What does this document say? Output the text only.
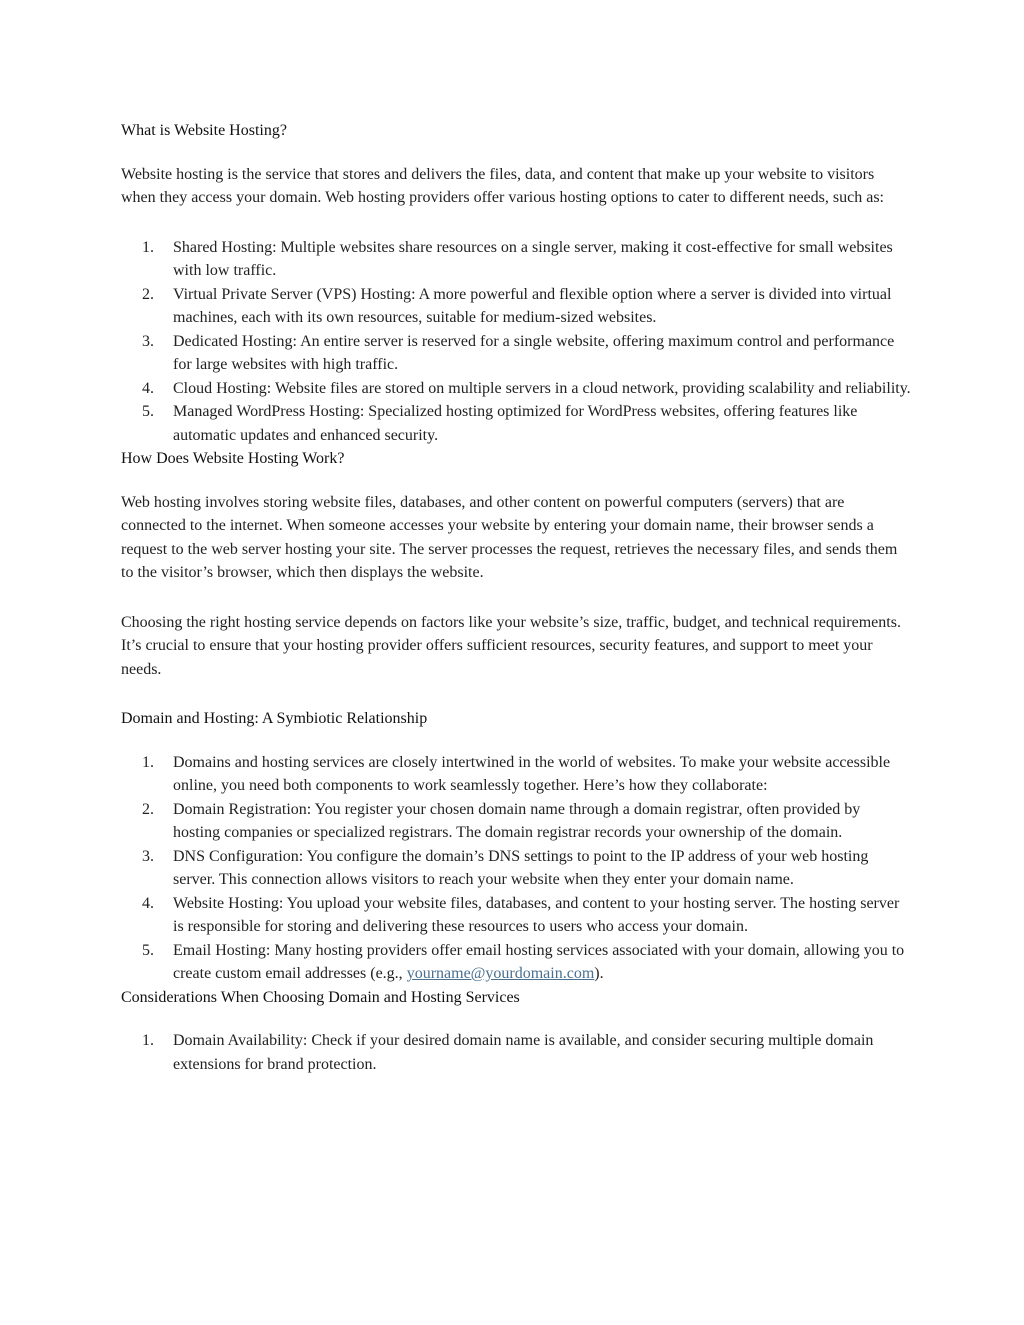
What is Website Hosting?

Website hosting is the service that stores and delivers the files, data, and content that make up your website to visitors when they access your domain. Web hosting providers offer various hosting options to cater to different needs, such as:

1. Shared Hosting: Multiple websites share resources on a single server, making it cost-effective for small websites with low traffic.
2. Virtual Private Server (VPS) Hosting: A more powerful and flexible option where a server is divided into virtual machines, each with its own resources, suitable for medium-sized websites.
3. Dedicated Hosting: An entire server is reserved for a single website, offering maximum control and performance for large websites with high traffic.
4. Cloud Hosting: Website files are stored on multiple servers in a cloud network, providing scalability and reliability.
5. Managed WordPress Hosting: Specialized hosting optimized for WordPress websites, offering features like automatic updates and enhanced security.
How Does Website Hosting Work?

Web hosting involves storing website files, databases, and other content on powerful computers (servers) that are connected to the internet. When someone accesses your website by entering your domain name, their browser sends a request to the web server hosting your site. The server processes the request, retrieves the necessary files, and sends them to the visitor’s browser, which then displays the website.

Choosing the right hosting service depends on factors like your website’s size, traffic, budget, and technical requirements. It’s crucial to ensure that your hosting provider offers sufficient resources, security features, and support to meet your needs.

Domain and Hosting: A Symbiotic Relationship
1. Domains and hosting services are closely intertwined in the world of websites. To make your website accessible online, you need both components to work seamlessly together. Here’s how they collaborate:
2. Domain Registration: You register your chosen domain name through a domain registrar, often provided by hosting companies or specialized registrars. The domain registrar records your ownership of the domain.
3. DNS Configuration: You configure the domain’s DNS settings to point to the IP address of your web hosting server. This connection allows visitors to reach your website when they enter your domain name.
4. Website Hosting: You upload your website files, databases, and content to your hosting server. The hosting server is responsible for storing and delivering these resources to users who access your domain.
5. Email Hosting: Many hosting providers offer email hosting services associated with your domain, allowing you to create custom email addresses (e.g., yourname@yourdomain.com).
Considerations When Choosing Domain and Hosting Services
1. Domain Availability: Check if your desired domain name is available, and consider securing multiple domain extensions for brand protection.
